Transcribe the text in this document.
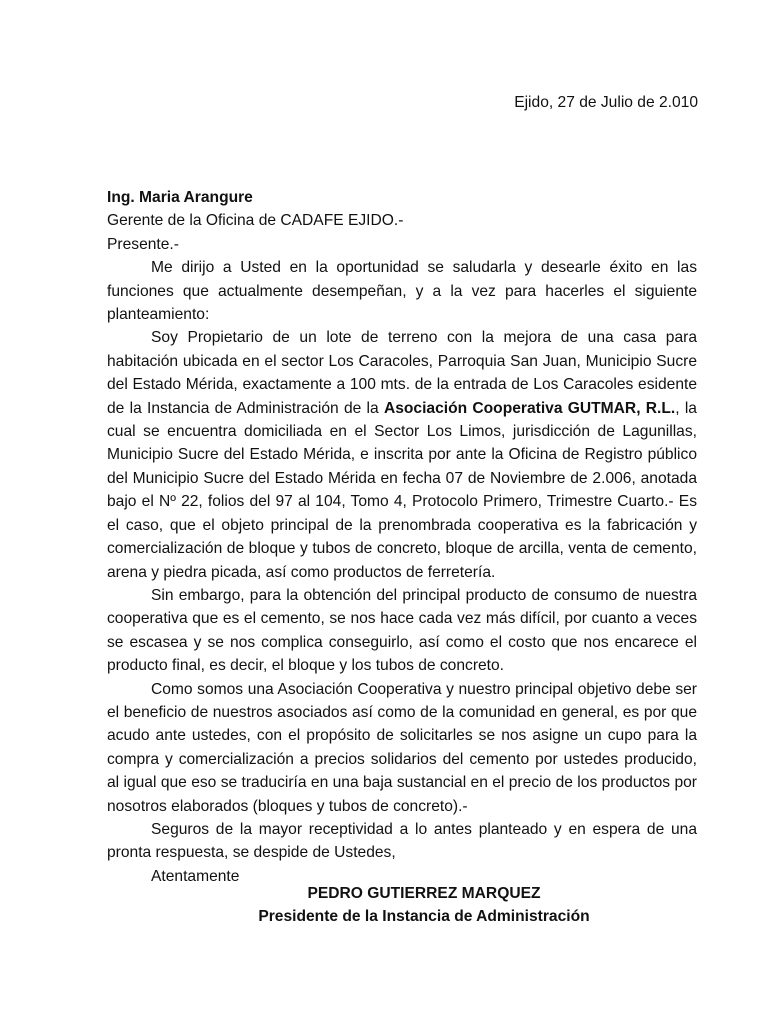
Ejido, 27 de Julio de 2.010
Ing. Maria Arangure
Gerente de la Oficina de CADAFE EJIDO.-
Presente.-

Me dirijo a Usted en la oportunidad se saludarla y desearle éxito en las funciones que actualmente desempeñan, y a la vez para hacerles el siguiente planteamiento:

Soy Propietario de un lote de terreno con la mejora de una casa para habitación ubicada en el sector Los Caracoles, Parroquia San Juan, Municipio Sucre del Estado Mérida, exactamente a 100 mts. de la entrada de Los Caracoles esidente de la Instancia de Administración de la Asociación Cooperativa GUTMAR, R.L., la cual se encuentra domiciliada en el Sector Los Limos, jurisdicción de Lagunillas, Municipio Sucre del Estado Mérida, e inscrita por ante la Oficina de Registro público del Municipio Sucre del Estado Mérida en fecha 07 de Noviembre de 2.006, anotada bajo el Nº 22, folios del 97 al 104, Tomo 4, Protocolo Primero, Trimestre Cuarto.- Es el caso, que el objeto principal de la prenombrada cooperativa es la fabricación y comercialización de bloque y tubos de concreto, bloque de arcilla, venta de cemento, arena y piedra picada, así como productos de ferretería.

Sin embargo, para la obtención del principal producto de consumo de nuestra cooperativa que es el cemento, se nos hace cada vez más difícil, por cuanto a veces se escasea y se nos complica conseguirlo, así como el costo que nos encarece el producto final, es decir, el bloque y los tubos de concreto.

Como somos una Asociación Cooperativa y nuestro principal objetivo debe ser el beneficio de nuestros asociados así como de la comunidad en general, es por que acudo ante ustedes, con el propósito de solicitarles se nos asigne un cupo para la compra y comercialización a precios solidarios del cemento por ustedes producido, al igual que eso se traduciría en una baja sustancial en el precio de los productos por nosotros elaborados (bloques y tubos de concreto).-

Seguros de la mayor receptividad a lo antes planteado y en espera de una pronta respuesta, se despide de Ustedes,

Atentamente
PEDRO GUTIERREZ MARQUEZ
Presidente de la Instancia de Administración
